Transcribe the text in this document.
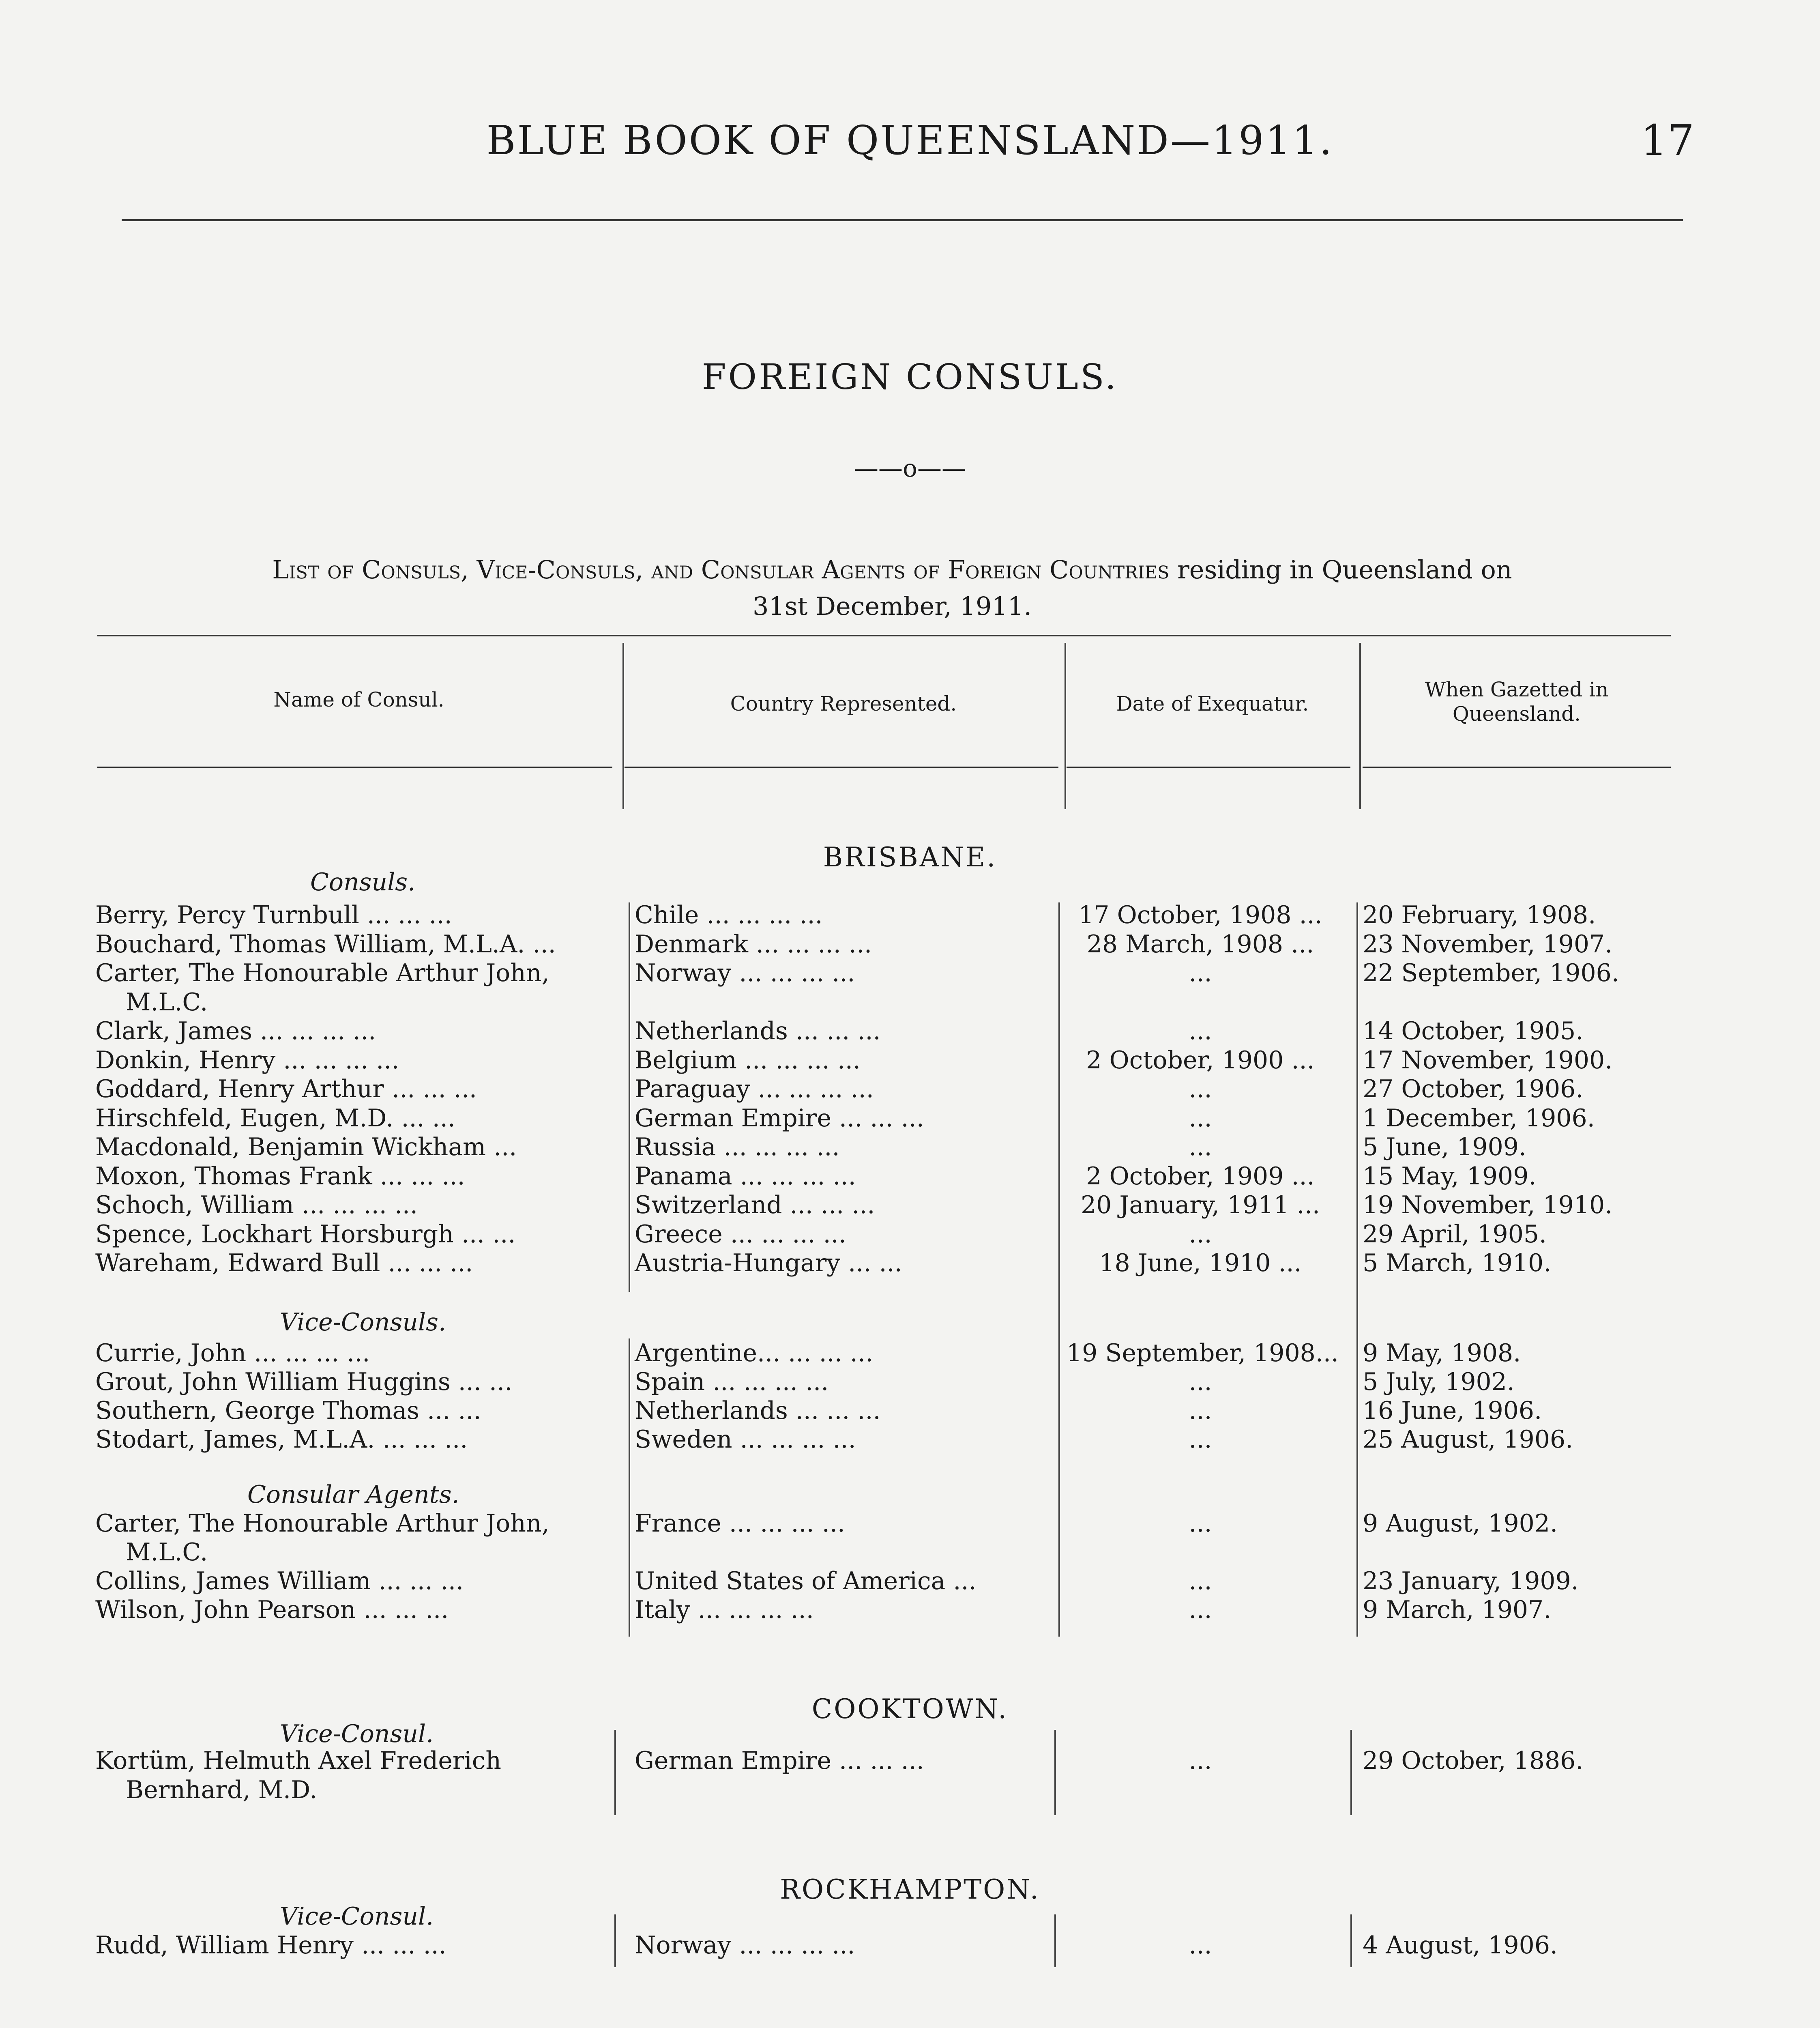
BLUE BOOK OF QUEENSLAND—1911.	17
FOREIGN CONSULS.
——o——
List of Consuls, Vice-Consuls, and Consular Agents of Foreign Countries residing in Queensland on
31st December, 1911.
Name of Consul.	Country Represented.	Date of Exequatur.
When Gazetted in
Queensland.
BRISBANE.
Consuls.
Berry, Percy Turnbull ... ... ...	Chile ... ... ... ...	17 October, 1908 ...	20 February, 1908.
Bouchard, Thomas William, M.L.A. ...	Denmark ... ... ... ...	28 March, 1908 ...	23 November, 1907.
Carter, The Honourable Arthur John,	Norway ... ... ... ...	...	22 September, 1906.
M.L.C.
Clark, James ... ... ... ...	Netherlands ... ... ...	...	14 October, 1905.
Donkin, Henry ... ... ... ...	Belgium ... ... ... ...	2 October, 1900 ...	17 November, 1900.
Goddard, Henry Arthur ... ... ...	Paraguay ... ... ... ...	...	27 October, 1906.
Hirschfeld, Eugen, M.D. ... ...	German Empire ... ... ...	...	1 December, 1906.
Macdonald, Benjamin Wickham ...	Russia ... ... ... ...	...	5 June, 1909.
Moxon, Thomas Frank ... ... ...	Panama ... ... ... ...	2 October, 1909 ...	15 May, 1909.
Schoch, William ... ... ... ...	Switzerland ... ... ...	20 January, 1911 ...	19 November, 1910.
Spence, Lockhart Horsburgh ... ...	Greece ... ... ... ...	...	29 April, 1905.
Wareham, Edward Bull ... ... ...	Austria-Hungary ... ...	18 June, 1910 ...	5 March, 1910.
Vice-Consuls.
Currie, John ... ... ... ...	Argentine... ... ... ...	19 September, 1908... 9 May, 1908.
Grout, John William Huggins ... ...	Spain ... ... ... ...	...	5 July, 1902.
Southern, George Thomas ... ...	Netherlands ... ... ...	...	16 June, 1906.
Stodart, James, M.L.A. ... ... ...	Sweden ... ... ... ...	...	25 August, 1906.
Consular Agents.
Carter, The Honourable Arthur John,	France ... ... ... ...	...	9 August, 1902.
M.L.C.
Collins, James William ... ... ...	United States of America ...	...	23 January, 1909.
Wilson, John Pearson ... ... ...	Italy ... ... ... ...	...	9 March, 1907.
COOKTOWN.
Vice-Consul.
Kortüm, Helmuth Axel Frederich	German Empire ... ... ...	...	29 October, 1886.
Bernhard, M.D.
ROCKHAMPTON.
Vice-Consul.
Rudd, William Henry ... ... ...	Norway ... ... ... ...	...	4 August, 1906.
